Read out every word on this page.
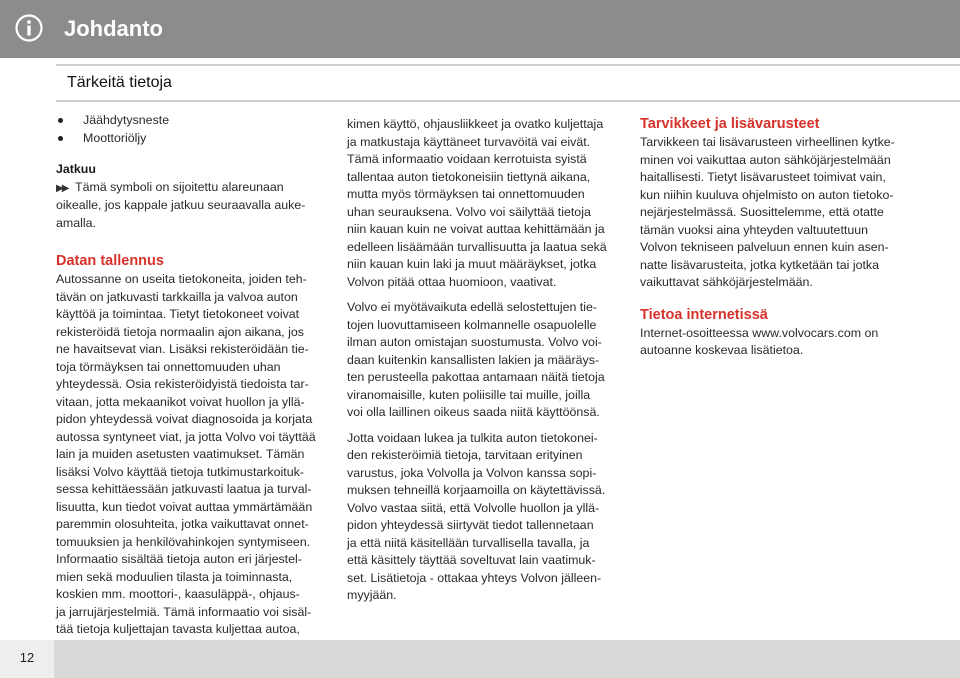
Johdanto
Tärkeitä tietoja
Jäähdytysneste
Moottoriöljy
Jatkuu
▶▶ Tämä symboli on sijoitettu alareunaan
oikealle, jos kappale jatkuu seuraavalla auke-
amalla.
Datan tallennus
Autossanne on useita tietokoneita, joiden teh-
tävän on jatkuvasti tarkkailla ja valvoa auton
käyttöä ja toimintaa. Tietyt tietokoneet voivat
rekisteröidä tietoja normaalin ajon aikana, jos
ne havaitsevat vian. Lisäksi rekisteröidään tie-
toja törmäyksen tai onnettomuuden uhan
yhteydessä. Osia rekisteröidyistä tiedoista tar-
vitaan, jotta mekaanikot voivat huollon ja yllä-
pidon yhteydessä voivat diagnosoida ja korjata
autossa syntyneet viat, ja jotta Volvo voi täyttää
lain ja muiden asetusten vaatimukset. Tämän
lisäksi Volvo käyttää tietoja tutkimustarkoituk-
sessa kehittäessään jatkuvasti laatua ja turval-
lisuutta, kun tiedot voivat auttaa ymmärtämään
paremmin olosuhteita, jotka vaikuttavat onnet-
tomuuksien ja henkilövahinkojen syntymiseen.
Informaatio sisältää tietoja auton eri järjestel-
mien sekä moduulien tilasta ja toiminnasta,
koskien mm. moottori-, kaasuläppä-, ohjaus-
ja jarrujärjestelmiä. Tämä informaatio voi sisäl-
tää tietoja kuljettajan tavasta kuljettaa autoa,
kimen käyttö, ohjausliikkeet ja ovatko kuljettaja
ja matkustaja käyttäneet turvavöitä vai eivät.
Tämä informaatio voidaan kerrotuista syistä
tallentaa auton tietokoneisiin tiettynä aikana,
mutta myös törmäyksen tai onnettomuuden
uhan seurauksena. Volvo voi säilyttää tietoja
niin kauan kuin ne voivat auttaa kehittämään ja
edelleen lisäämään turvallisuutta ja laatua sekä
niin kauan kuin laki ja muut määräykset, jotka
Volvon pitää ottaa huomioon, vaativat.
Volvo ei myötävaikuta edellä selostettujen tie-
tojen luovuttamiseen kolmannelle osapuolelle
ilman auton omistajan suostumusta. Volvo voi-
daan kuitenkin kansallisten lakien ja määräys-
ten perusteella pakottaa antamaan näitä tietoja
viranomaisille, kuten poliisille tai muille, joilla
voi olla laillinen oikeus saada niitä käyttöönsä.
Jotta voidaan lukea ja tulkita auton tietokonei-
den rekisteröimiä tietoja, tarvitaan erityinen
varustus, joka Volvolla ja Volvon kanssa sopi-
muksen tehneillä korjaamoilla on käytettävissä.
Volvo vastaa siitä, että Volvolle huollon ja yllä-
pidon yhteydessä siirtyvät tiedot tallennetaan
ja että niitä käsitellään turvallisella tavalla, ja
että käsittely täyttää soveltuvat lain vaatimuk-
set. Lisätietoja - ottakaa yhteys Volvon jälleen-
myyjään.
Tarvikkeet ja lisävarusteet
Tarvikkeen tai lisävarusteen virheellinen kytke-
minen voi vaikuttaa auton sähköjärjestelmään
haitallisesti. Tietyt lisävarusteet toimivat vain,
kun niihin kuuluva ohjelmisto on auton tietoko-
nejärjestelmässä. Suosittelemme, että otatte
tämän vuoksi aina yhteyden valtuutettuun
Volvon tekniseen palveluun ennen kuin asen-
natte lisävarusteita, jotka kytketään tai jotka
vaikuttavat sähköjärjestelmään.
Tietoa internetissä
Internet-osoitteessa www.volvocars.com on
autoanne koskevaa lisätietoa.
12
